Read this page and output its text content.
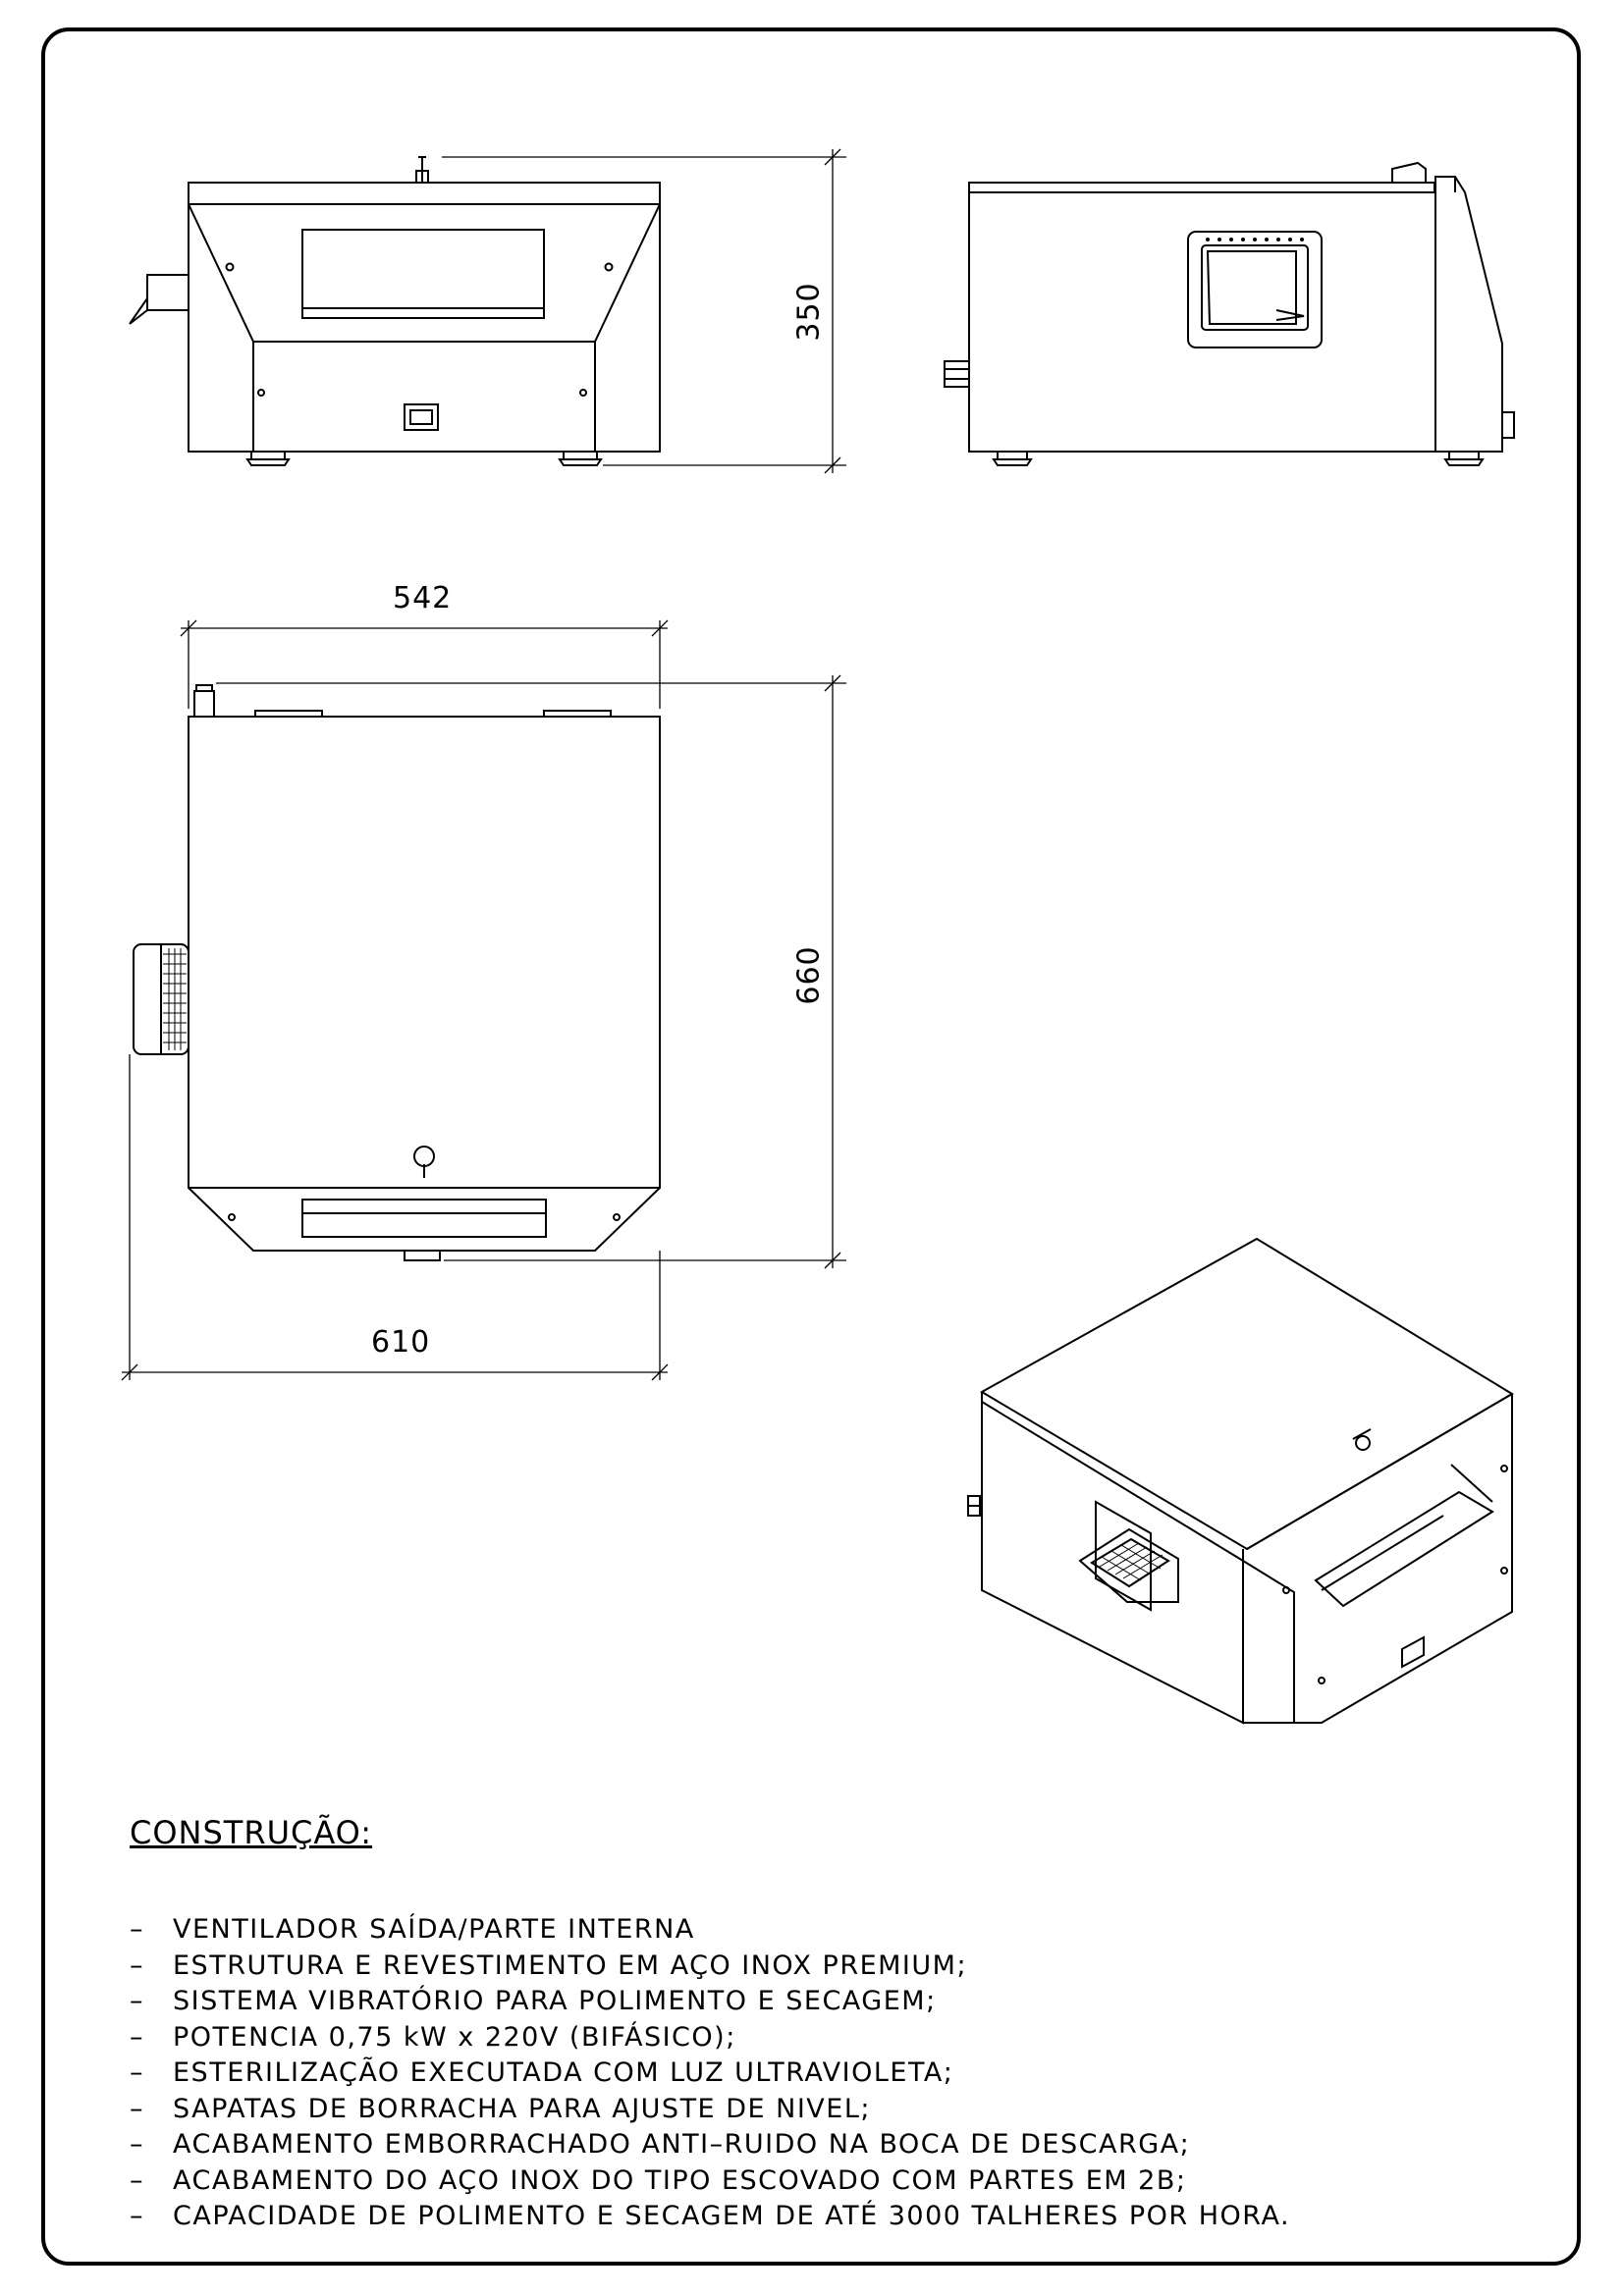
350
542
660
610
CONSTRUÇÃO:
– VENTILADOR SAÍDA/PARTE INTERNA
– ESTRUTURA E REVESTIMENTO EM AÇO INOX PREMIUM;
– SISTEMA VIBRATÓRIO PARA POLIMENTO E SECAGEM;
– POTENCIA 0,75 kW x 220V (BIFÁSICO);
– ESTERILIZAÇÃO EXECUTADA COM LUZ ULTRAVIOLETA;
– SAPATAS DE BORRACHA PARA AJUSTE DE NIVEL;
– ACABAMENTO EMBORRACHADO ANTI–RUIDO NA BOCA DE DESCARGA;
– ACABAMENTO DO AÇO INOX DO TIPO ESCOVADO COM PARTES EM 2B;
– CAPACIDADE DE POLIMENTO E SECAGEM DE ATÉ 3000 TALHERES POR HORA.
